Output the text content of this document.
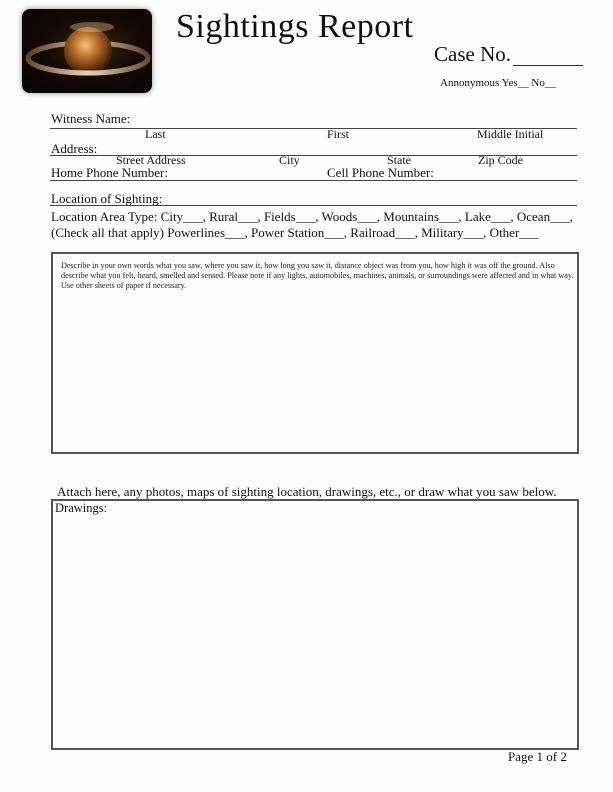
Sightings Report
Case No.
Annonymous Yes__ No__
Witness Name:
Last	First	Middle Initial
Address:
Street Address	City	State	Zip Code
Home Phone Number:	Cell Phone Number:
Location of Sighting:
Location Area Type: City___, Rural___, Fields___, Woods___, Mountains___, Lake___, Ocean___,
(Check all that apply) Powerlines___, Power Station___, Railroad___, Military___, Other___
Describe in your own words what you saw, where you saw it, how long you saw it, distance object was from you, how high it was off the ground. Also describe what you felt, heard, smelled and sensed. Please note if any lights, automobiles, machines, animals, or surroundings were affected and in what way. Use other sheets of paper if necessary.
Attach here, any photos, maps of sighting location, drawings, etc., or draw what you saw below.
Drawings:
Page 1 of 2
